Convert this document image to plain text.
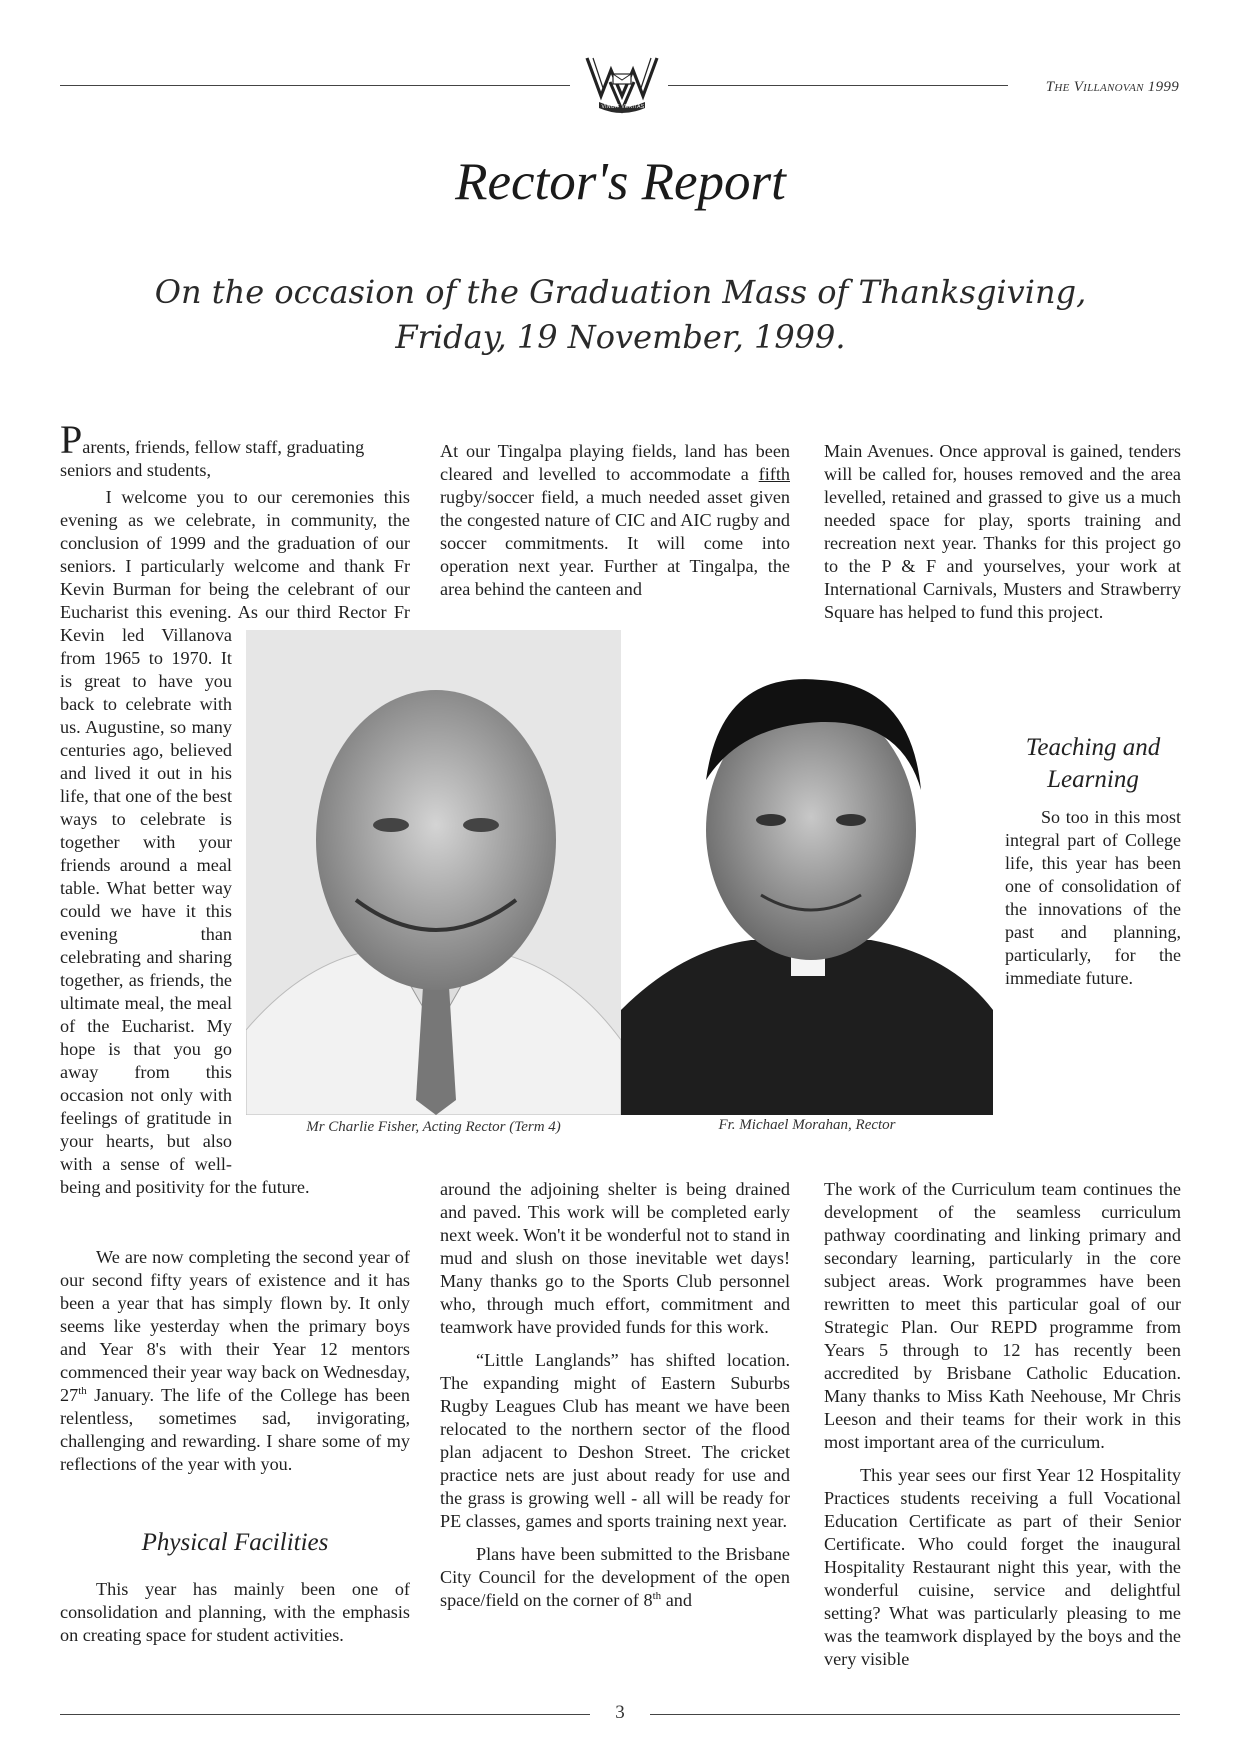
VINCIT VERITAS
The Villanovan 1999
Rector's Report
On the occasion of the Graduation Mass of Thanksgiving,
Friday, 19 November, 1999.

Parents, friends, fellow staff, graduating seniors and students,

I welcome you to our ceremonies this evening as we celebrate, in community, the conclusion of 1999 and the graduation of our seniors. I particularly welcome and thank Fr Kevin Burman for being the celebrant of our Eucharist this evening. As our third Rector Fr Kevin led Villanova from 1965 to 1970. It is great to have you back to celebrate with us. Augustine, so many centuries ago, believed and lived it out in his life, that one of the best ways to celebrate is together with your friends around a meal table. What better way could we have it this evening than celebrating and sharing together, as friends, the ultimate meal, the meal of the Eucharist. My hope is that you go away from this occasion not only with feelings of gratitude in your hearts, but also with a sense of well-being and positivity for the future.

Mr Charlie Fisher, Acting Rector (Term 4)	Fr. Michael Morahan, Rector

We are now completing the second year of our second fifty years of existence and it has been a year that has simply flown by. It only seems like yesterday when the primary boys and Year 8's with their Year 12 mentors commenced their year way back on Wednesday, 27th January. The life of the College has been relentless, sometimes sad, invigorating, challenging and rewarding. I share some of my reflections of the year with you.

Physical Facilities

This year has mainly been one of consolidation and planning, with the emphasis on creating space for student activities.

At our Tingalpa playing fields, land has been cleared and levelled to accommodate a fifth rugby/soccer field, a much needed asset given the congested nature of CIC and AIC rugby and soccer commitments. It will come into operation next year. Further at Tingalpa, the area behind the canteen and

around the adjoining shelter is being drained and paved. This work will be completed early next week. Won't it be wonderful not to stand in mud and slush on those inevitable wet days! Many thanks go to the Sports Club personnel who, through much effort, commitment and teamwork have provided funds for this work.

“Little Langlands” has shifted location. The expanding might of Eastern Suburbs Rugby Leagues Club has meant we have been relocated to the northern sector of the flood plan adjacent to Deshon Street. The cricket practice nets are just about ready for use and the grass is growing well - all will be ready for PE classes, games and sports training next year.

Plans have been submitted to the Brisbane City Council for the development of the open space/field on the corner of 8th and

Main Avenues. Once approval is gained, tenders will be called for, houses removed and the area levelled, retained and grassed to give us a much needed space for play, sports training and recreation next year. Thanks for this project go to the P & F and yourselves, your work at International Carnivals, Musters and Strawberry Square has helped to fund this project.

Teaching and
Learning

So too in this most integral part of College life, this year has been one of consolidation of the innovations of the past and planning, particularly, for the immediate future.

The work of the Curriculum team continues the development of the seamless curriculum pathway coordinating and linking primary and secondary learning, particularly in the core subject areas. Work programmes have been rewritten to meet this particular goal of our Strategic Plan. Our REPD programme from Years 5 through to 12 has recently been accredited by Brisbane Catholic Education. Many thanks to Miss Kath Neehouse, Mr Chris Leeson and their teams for their work in this most important area of the curriculum.

This year sees our first Year 12 Hospitality Practices students receiving a full Vocational Education Certificate as part of their Senior Certificate. Who could forget the inaugural Hospitality Restaurant night this year, with the wonderful cuisine, service and delightful setting? What was particularly pleasing to me was the teamwork displayed by the boys and the very visible

3
